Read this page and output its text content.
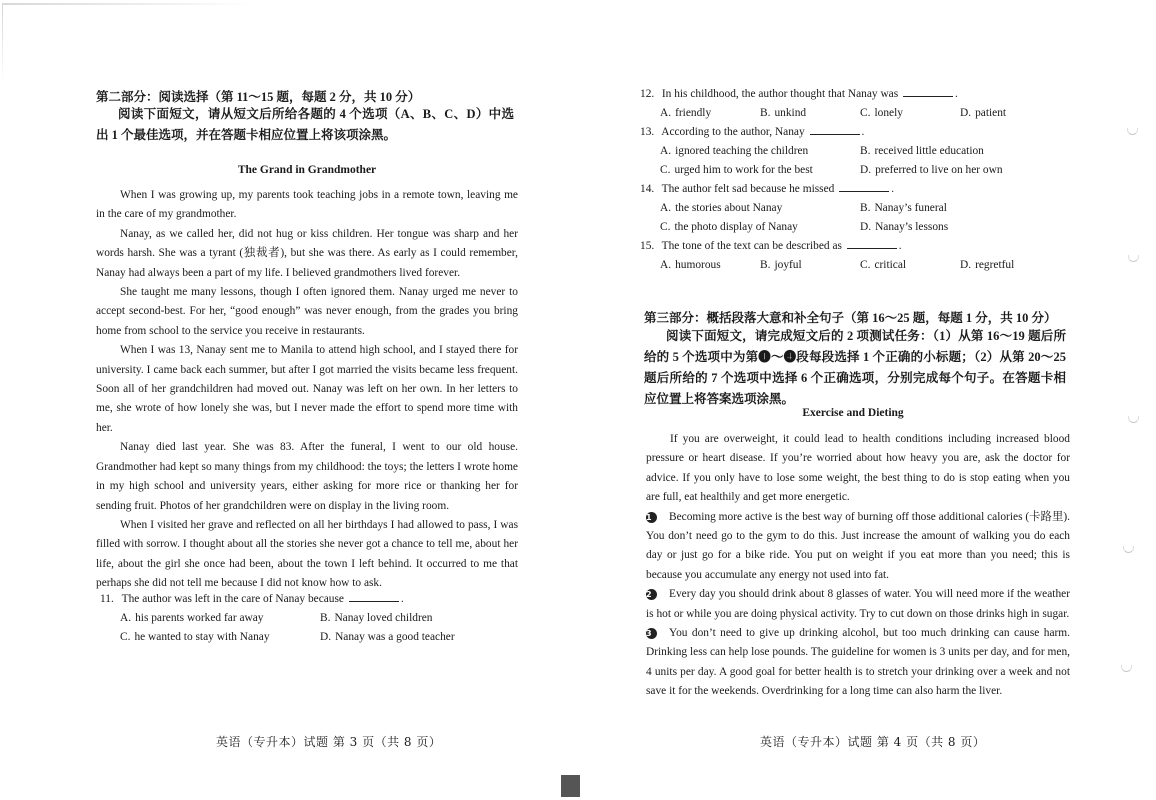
第二部分：阅读选择（第 11～15 题，每题 2 分，共 10 分）

阅读下面短文，请从短文后所给各题的 4 个选项（A、B、C、D）中选出 1 个最佳选项，并在答题卡相应位置上将该项涂黑。

The Grand in Grandmother

When I was growing up, my parents took teaching jobs in a remote town, leaving me in the care of my grandmother.

Nanay, as we called her, did not hug or kiss children. Her tongue was sharp and her words harsh. She was a tyrant (独裁者), but she was there. As early as I could remember, Nanay had always been a part of my life. I believed grandmothers lived forever.

She taught me many lessons, though I often ignored them. Nanay urged me never to accept second-best. For her, “good enough” was never enough, from the grades you bring home from school to the service you receive in restaurants.

When I was 13, Nanay sent me to Manila to attend high school, and I stayed there for university. I came back each summer, but after I got married the visits became less frequent. Soon all of her grandchildren had moved out. Nanay was left on her own. In her letters to me, she wrote of how lonely she was, but I never made the effort to spend more time with her.

Nanay died last year. She was 83. After the funeral, I went to our old house. Grandmother had kept so many things from my childhood: the toys; the letters I wrote home in my high school and university years, either asking for more rice or thanking her for sending fruit. Photos of her grandchildren were on display in the living room.

When I visited her grave and reflected on all her birthdays I had allowed to pass, I was filled with sorrow. I thought about all the stories she never got a chance to tell me, about her life, about the girl she once had been, about the town I left behind. It occurred to me that perhaps she did not tell me because I did not know how to ask.

11. The author was left in the care of Nanay because	.

A. his parents worked far away	B. Nanay loved children
C. he wanted to stay with Nanay	D. Nanay was a good teacher
英语（专升本）试题 第 3 页（共 8 页）

12. In his childhood, the author thought that Nanay was	.

A. friendly	B. unkind	C. lonely	D. patient

13. According to the author, Nanay	.

A. ignored teaching the children	B. received little education
C. urged him to work for the best	D. preferred to live on her own

14. The author felt sad because he missed	.

A. the stories about Nanay	B. Nanay’s funeral
C. the photo display of Nanay	D. Nanay’s lessons

15. The tone of the text can be described as	.

A. humorous	B. joyful	C. critical	D. regretful

第三部分：概括段落大意和补全句子（第 16～25 题，每题 1 分，共 10 分）

阅读下面短文，请完成短文后的 2 项测试任务：（1）从第 16～19 题后所给的 5 个选项中为第❶～❹段每段选择 1 个正确的小标题；（2）从第 20～25 题后所给的 7 个选项中选择 6 个正确选项，分别完成每个句子。在答题卡相应位置上将答案选项涂黑。

Exercise and Dieting

If you are overweight, it could lead to health conditions including increased blood pressure or heart disease. If you’re worried about how heavy you are, ask the doctor for advice. If you only have to lose some weight, the best thing to do is stop eating when you are full, eat healthily and get more energetic.

1 Becoming more active is the best way of burning off those additional calories (卡路里). You don’t need go to the gym to do this. Just increase the amount of walking you do each day or just go for a bike ride. You put on weight if you eat more than you need; this is because you accumulate any energy not used into fat.

2 Every day you should drink about 8 glasses of water. You will need more if the weather is hot or while you are doing physical activity. Try to cut down on those drinks high in sugar.

3 You don’t need to give up drinking alcohol, but too much drinking can cause harm. Drinking less can help lose pounds. The guideline for women is 3 units per day, and for men, 4 units per day. A good goal for better health is to stretch your drinking over a week and not save it for the weekends. Overdrinking for a long time can also harm the liver.

英语（专升本）试题 第 4 页（共 8 页）
